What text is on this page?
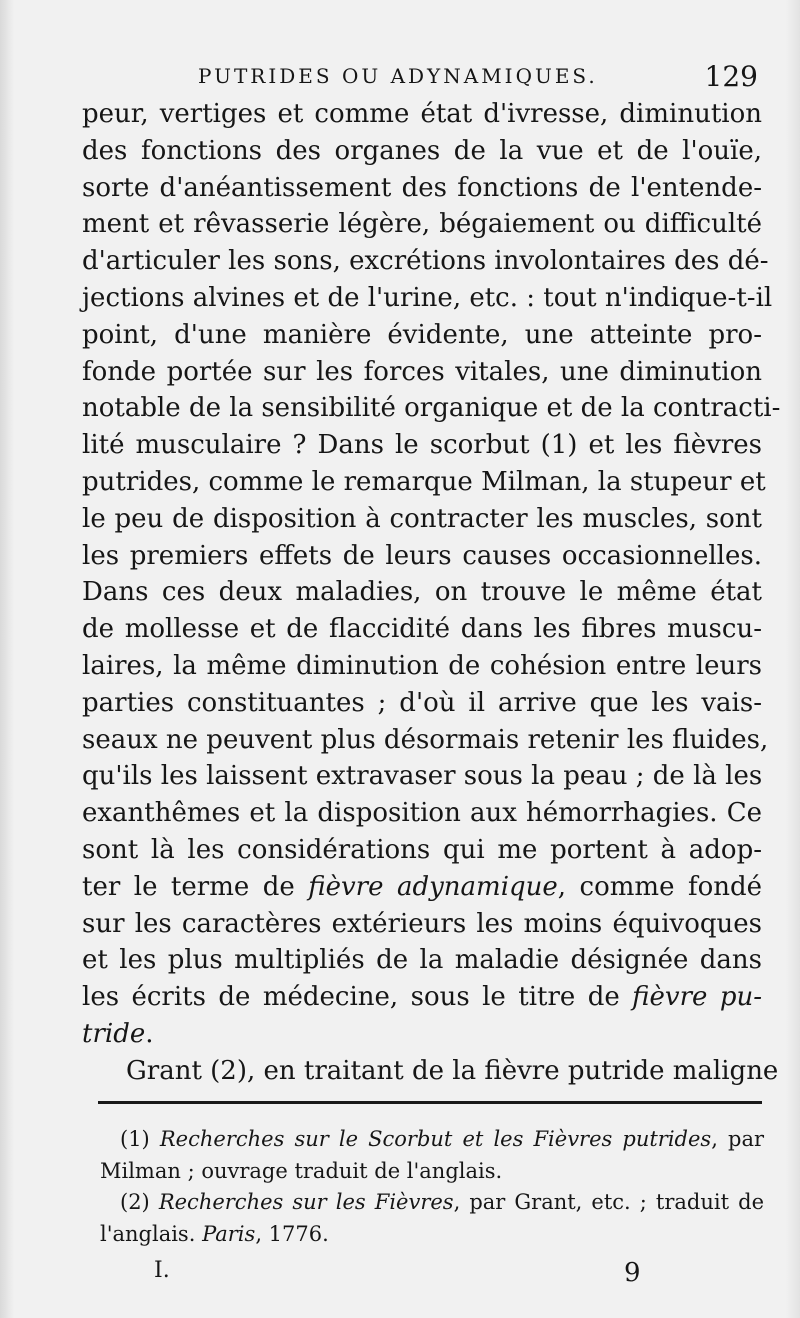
PUTRIDES OU ADYNAMIQUES.	129
peur, vertiges et comme état d'ivresse, diminution
des fonctions des organes de la vue et de l'ouïe,
sorte d'anéantissement des fonctions de l'entende-
ment et rêvasserie légère, bégaiement ou difficulté
d'articuler les sons, excrétions involontaires des dé-
jections alvines et de l'urine, etc. : tout n'indique-t-il
point, d'une manière évidente, une atteinte pro-
fonde portée sur les forces vitales, une diminution
notable de la sensibilité organique et de la contracti-
lité musculaire ? Dans le scorbut (1) et les fièvres
putrides, comme le remarque Milman, la stupeur et
le peu de disposition à contracter les muscles, sont
les premiers effets de leurs causes occasionnelles.
Dans ces deux maladies, on trouve le même état
de mollesse et de flaccidité dans les fibres muscu-
laires, la même diminution de cohésion entre leurs
parties constituantes ; d'où il arrive que les vais-
seaux ne peuvent plus désormais retenir les fluides,
qu'ils les laissent extravaser sous la peau ; de là les
exanthêmes et la disposition aux hémorrhagies. Ce
sont là les considérations qui me portent à adop-
ter le terme de fièvre adynamique, comme fondé
sur les caractères extérieurs les moins équivoques
et les plus multipliés de la maladie désignée dans
les écrits de médecine, sous le titre de fièvre pu-
tride.
Grant (2), en traitant de la fièvre putride maligne
(1) Recherches sur le Scorbut et les Fièvres putrides, par
Milman ; ouvrage traduit de l'anglais.
(2) Recherches sur les Fièvres, par Grant, etc. ; traduit de
l'anglais. Paris, 1776.
I.	9
